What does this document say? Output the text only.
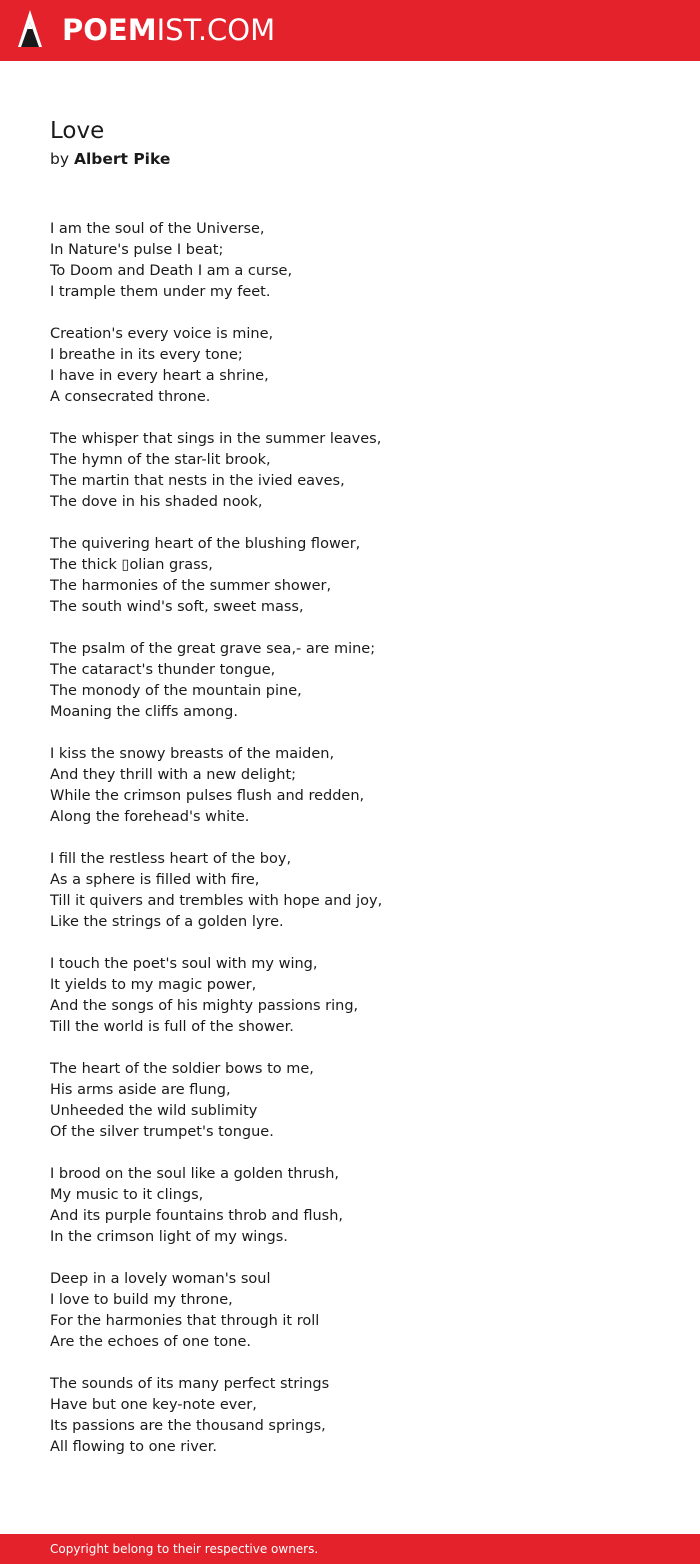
POEMIST.COM
Love
by Albert Pike
I am the soul of the Universe,
In Nature's pulse I beat;
To Doom and Death I am a curse,
I trample them under my feet.
Creation's every voice is mine,
I breathe in its every tone;
I have in every heart a shrine,
A consecrated throne.
The whisper that sings in the summer leaves,
The hymn of the star-lit brook,
The martin that nests in the ivied eaves,
The dove in his shaded nook,
The quivering heart of the blushing flower,
The thick ▯olian grass,
The harmonies of the summer shower,
The south wind's soft, sweet mass,
The psalm of the great grave sea,- are mine;
The cataract's thunder tongue,
The monody of the mountain pine,
Moaning the cliffs among.
I kiss the snowy breasts of the maiden,
And they thrill with a new delight;
While the crimson pulses flush and redden,
Along the forehead's white.
I fill the restless heart of the boy,
As a sphere is filled with fire,
Till it quivers and trembles with hope and joy,
Like the strings of a golden lyre.
I touch the poet's soul with my wing,
It yields to my magic power,
And the songs of his mighty passions ring,
Till the world is full of the shower.
The heart of the soldier bows to me,
His arms aside are flung,
Unheeded the wild sublimity
Of the silver trumpet's tongue.
I brood on the soul like a golden thrush,
My music to it clings,
And its purple fountains throb and flush,
In the crimson light of my wings.
Deep in a lovely woman's soul
I love to build my throne,
For the harmonies that through it roll
Are the echoes of one tone.
The sounds of its many perfect strings
Have but one key-note ever,
Its passions are the thousand springs,
All flowing to one river.
Copyright belong to their respective owners.
